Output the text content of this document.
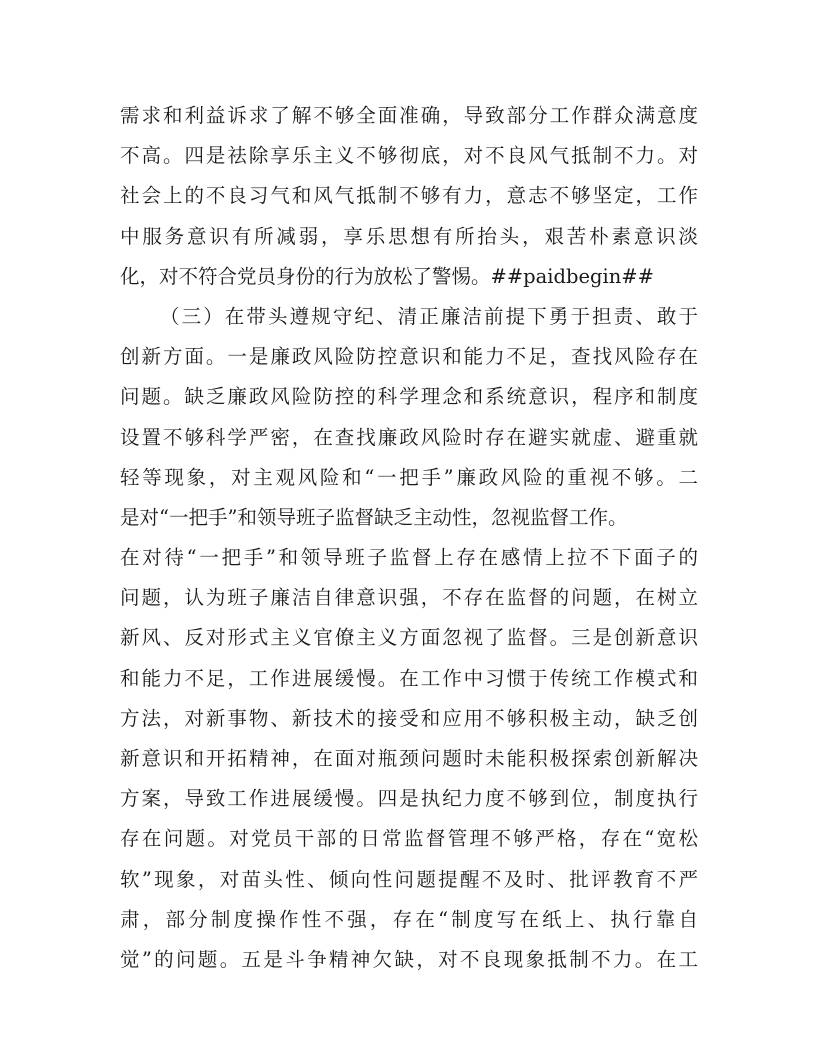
需求和利益诉求了解不够全面准确，导致部分工作群众满意度
不高。四是祛除享乐主义不够彻底，对不良风气抵制不力。对
社会上的不良习气和风气抵制不够有力，意志不够坚定，工作
中服务意识有所减弱，享乐思想有所抬头，艰苦朴素意识淡
化，对不符合党员身份的行为放松了警惕。##paidbegin##
（三）在带头遵规守纪、清正廉洁前提下勇于担责、敢于
创新方面。一是廉政风险防控意识和能力不足，查找风险存在
问题。缺乏廉政风险防控的科学理念和系统意识，程序和制度
设置不够科学严密，在查找廉政风险时存在避实就虚、避重就
轻等现象，对主观风险和“一把手”廉政风险的重视不够。二
是对“一把手”和领导班子监督缺乏主动性，忽视监督工作。
在对待“一把手”和领导班子监督上存在感情上拉不下面子的
问题，认为班子廉洁自律意识强，不存在监督的问题，在树立
新风、反对形式主义官僚主义方面忽视了监督。三是创新意识
和能力不足，工作进展缓慢。在工作中习惯于传统工作模式和
方法，对新事物、新技术的接受和应用不够积极主动，缺乏创
新意识和开拓精神，在面对瓶颈问题时未能积极探索创新解决
方案，导致工作进展缓慢。四是执纪力度不够到位，制度执行
存在问题。对党员干部的日常监督管理不够严格，存在“宽松
软”现象，对苗头性、倾向性问题提醒不及时、批评教育不严
肃，部分制度操作性不强，存在“制度写在纸上、执行靠自
觉”的问题。五是斗争精神欠缺，对不良现象抵制不力。在工
